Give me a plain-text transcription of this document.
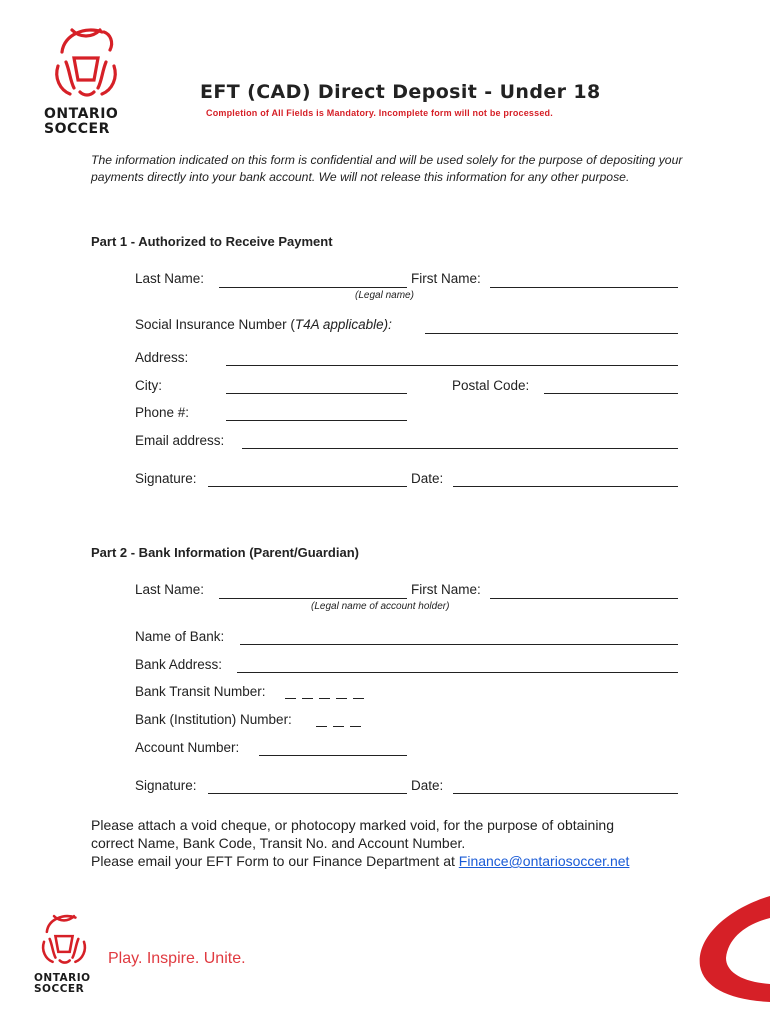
ONTARIO
SOCCER
EFT (CAD) Direct Deposit - Under 18
Completion of All Fields is Mandatory. Incomplete form will not be processed.
The information indicated on this form is confidential and will be used solely for the purpose of depositing your payments directly into your bank account. We will not release this information for any other purpose.
Part 1 - Authorized to Receive Payment
Last Name:	First Name:
(Legal name)
Social Insurance Number (T4A applicable):
Address:
City:	Postal Code:
Phone #:
Email address:
Signature:	Date:
Part 2 - Bank Information (Parent/Guardian)
Last Name:	First Name:
(Legal name of account holder)
Name of Bank:
Bank Address:
Bank Transit Number:
Bank (Institution) Number:
Account Number:
Signature:	Date:
Please attach a void cheque, or photocopy marked void, for the purpose of obtaining
correct Name, Bank Code, Transit No. and Account Number.
Please email your EFT Form to our Finance Department at Finance@ontariosoccer.net
ONTARIO
SOCCER
Play. Inspire. Unite.
